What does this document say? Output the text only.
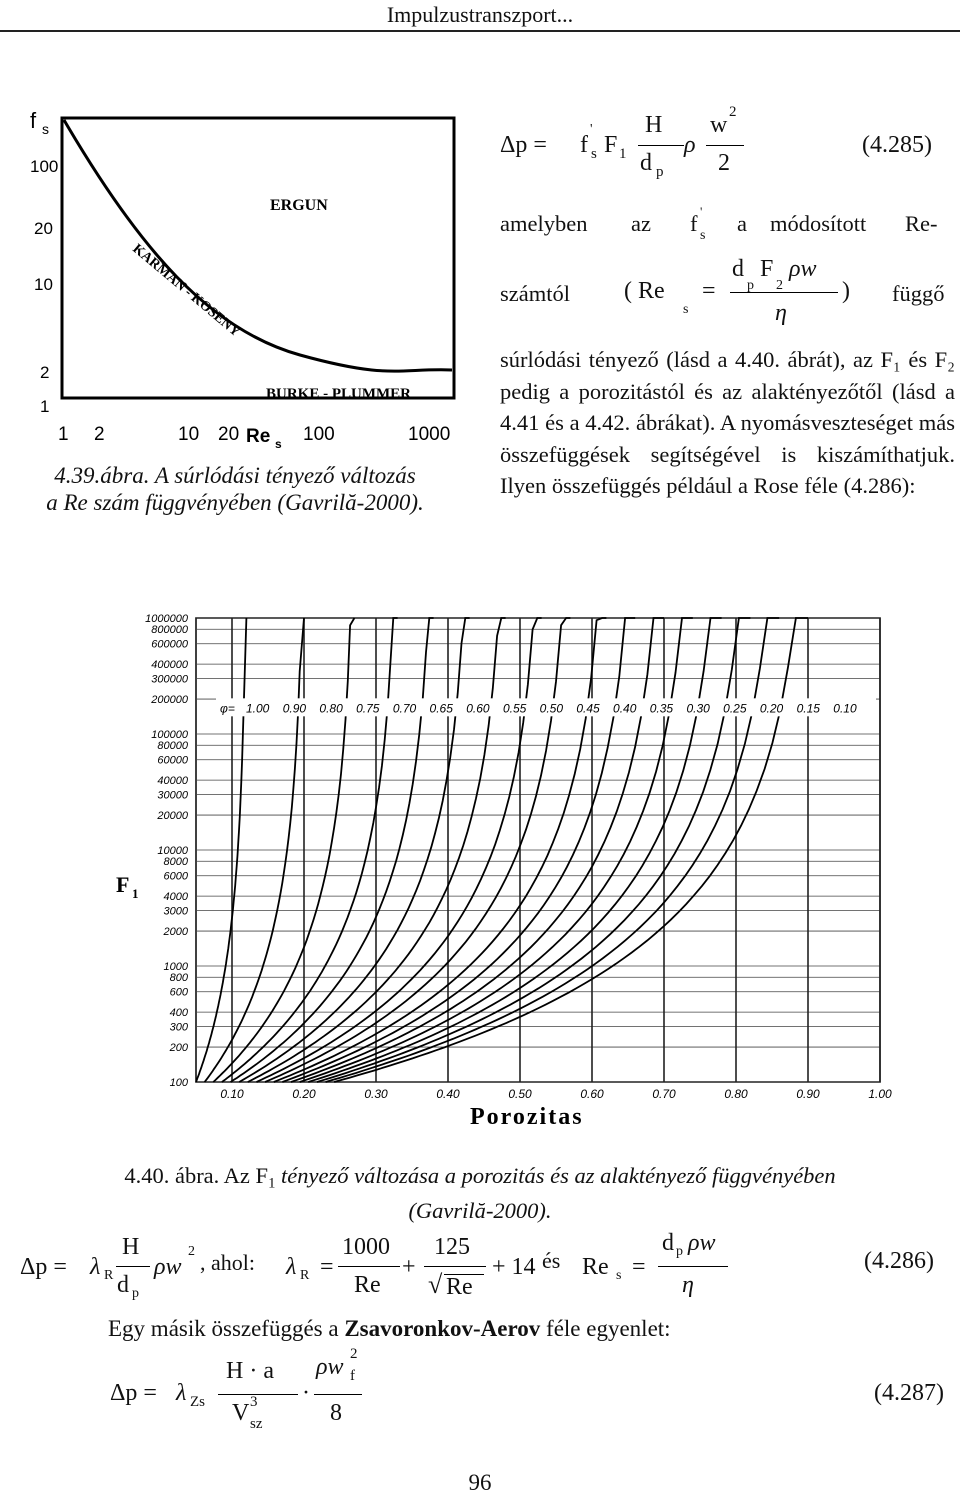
Impulzustranszport...
f s
100
20
10
2
1
1 2	10 20	100	1000
Re s
ERGUN
KARMAN - KOSENY
BURKE - PLUMMER
4.39.ábra. A súrlódási tényező változás
a Re szám függvényében (Gavrilă-2000).
Δp = f
'
s F 1
H
d p
ρ
w 2
2
(4.285)
amelyben az f '
s a módosított Re-
számtól ( Re
s
=
d
p
F
2
ρw
η
) függő
súrlódási tényező (lásd a 4.40. ábrát), az F₁ és F₂ pedig a porozitástól és az alaktényezőtől (lásd a 4.41 és a 4.42. ábrákat). A nyomásveszteséget más összefüggések segítségével is kiszámíthatjuk. Ilyen összefüggés például a Rose féle (4.286):
1000000
800000
600000
400000
300000
200000
100000
80000
60000
40000
30000
20000
10000
8000
6000
4000
3000
2000
1000
800
600
400
300
200
100
0.10	0.20	0.30	0.40	0.50	0.60	0.70	0.80	0.90	1.00
φ= 1.00 0.90 0.80 0.75 0.70 0.65 0.60 0.55 0.50 0.45 0.40 0.35 0.30 0.25 0.20 0.15 0.10
F 1
Porozitas
4.40. ábra. Az $F_1$ tényező változása a porozitás és az alaktényező függvényében
(Gavrilă-2000).
Δp = λ R
H
d p
ρw
2 , ahol: λ R =
1000
Re
+
125
√ Re
+ 14 és Re s =
d p ρw
η
(4.286)
Egy másik összefüggés a Zsavoronkov-Aerov féle egyenlet:
Δp = λ Zs
H · a
V 3
sz
·
ρw 2
f
8
(4.287)
96
